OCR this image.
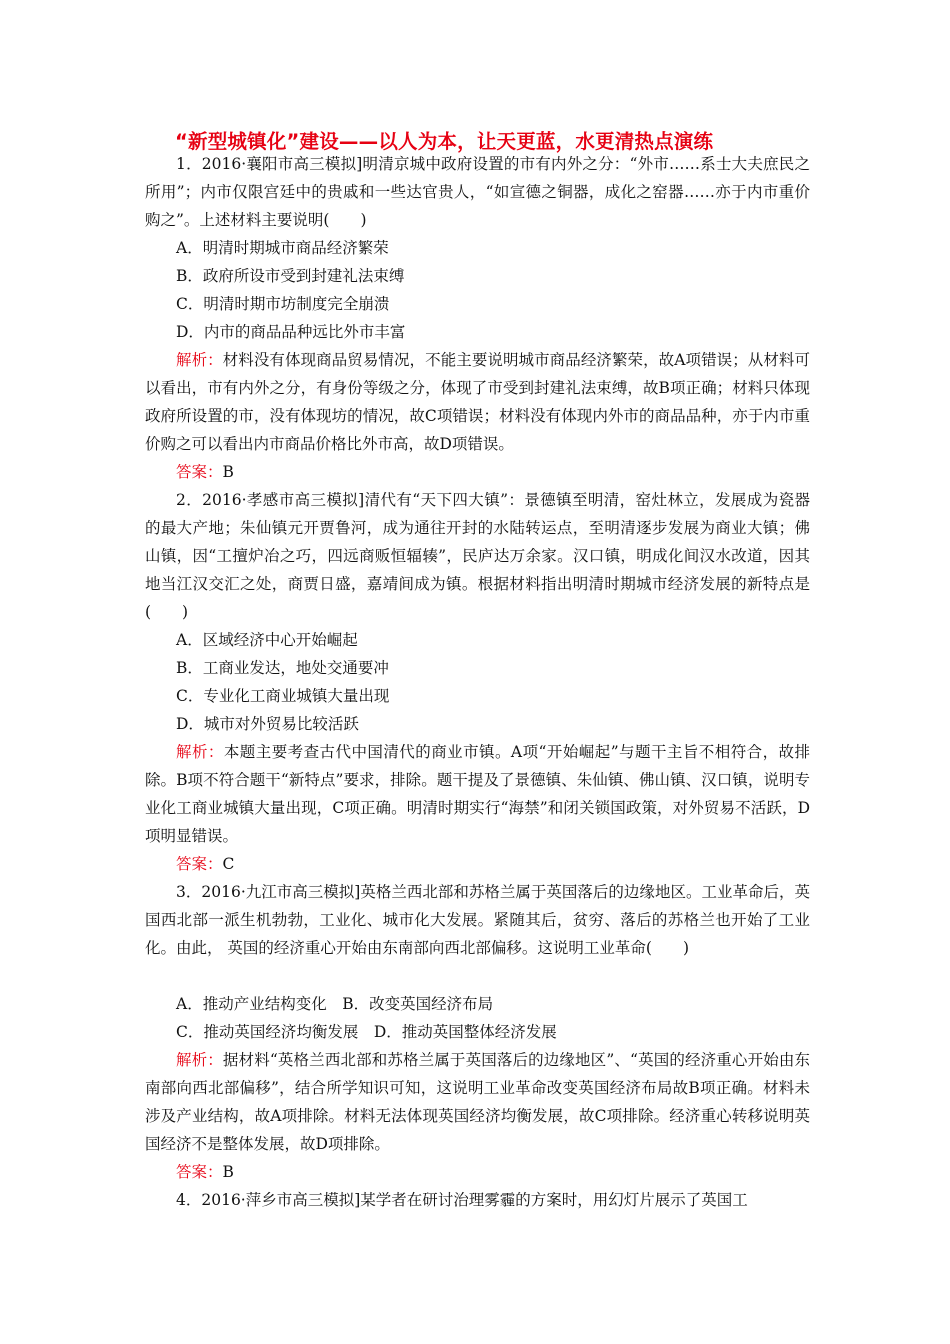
“新型城镇化”建设——以人为本，让天更蓝，水更清热点演练

1．2016·襄阳市高三模拟]明清京城中政府设置的市有内外之分：“外市……系士大夫庶民之所用”；内市仅限宫廷中的贵戚和一些达官贵人，“如宣德之铜器，成化之窑器……亦于内市重价购之”。上述材料主要说明(　　)

A．明清时期城市商品经济繁荣
B．政府所设市受到封建礼法束缚
C．明清时期市坊制度完全崩溃
D．内市的商品品种远比外市丰富

解析：材料没有体现商品贸易情况，不能主要说明城市商品经济繁荣，故A项错误；从材料可以看出，市有内外之分，有身份等级之分，体现了市受到封建礼法束缚，故B项正确；材料只体现政府所设置的市，没有体现坊的情况，故C项错误；材料没有体现内外市的商品品种，亦于内市重价购之可以看出内市商品价格比外市高，故D项错误。

答案：B

2．2016·孝感市高三模拟]清代有“天下四大镇”：景德镇至明清，窑灶林立，发展成为瓷器的最大产地；朱仙镇元开贾鲁河，成为通往开封的水陆转运点，至明清逐步发展为商业大镇；佛山镇，因“工擅炉冶之巧，四远商贩恒辐辏”，民庐达万余家。汉口镇，明成化间汉水改道，因其地当江汉交汇之处，商贾日盛，嘉靖间成为镇。根据材料指出明清时期城市经济发展的新特点是(　　)

A．区域经济中心开始崛起
B．工商业发达，地处交通要冲
C．专业化工商业城镇大量出现
D．城市对外贸易比较活跃

解析：本题主要考查古代中国清代的商业市镇。A项“开始崛起”与题干主旨不相符合，故排除。B项不符合题干“新特点”要求，排除。题干提及了景德镇、朱仙镇、佛山镇、汉口镇，说明专业化工商业城镇大量出现，C项正确。明清时期实行“海禁”和闭关锁国政策，对外贸易不活跃，D项明显错误。

答案：C

3．2016·九江市高三模拟]英格兰西北部和苏格兰属于英国落后的边缘地区。工业革命后，英国西北部一派生机勃勃，工业化、城市化大发展。紧随其后，贫穷、落后的苏格兰也开始了工业化。由此， 英国的经济重心开始由东南部向西北部偏移。这说明工业革命(　　)

A．推动产业结构变化　B．改变英国经济布局
C．推动英国经济均衡发展　D．推动英国整体经济发展

解析：据材料“英格兰西北部和苏格兰属于英国落后的边缘地区”、“英国的经济重心开始由东南部向西北部偏移”，结合所学知识可知，这说明工业革命改变英国经济布局故B项正确。材料未涉及产业结构，故A项排除。材料无法体现英国经济均衡发展，故C项排除。经济重心转移说明英国经济不是整体发展，故D项排除。

答案：B

4．2016·萍乡市高三模拟]某学者在研讨治理雾霾的方案时，用幻灯片展示了英国工
